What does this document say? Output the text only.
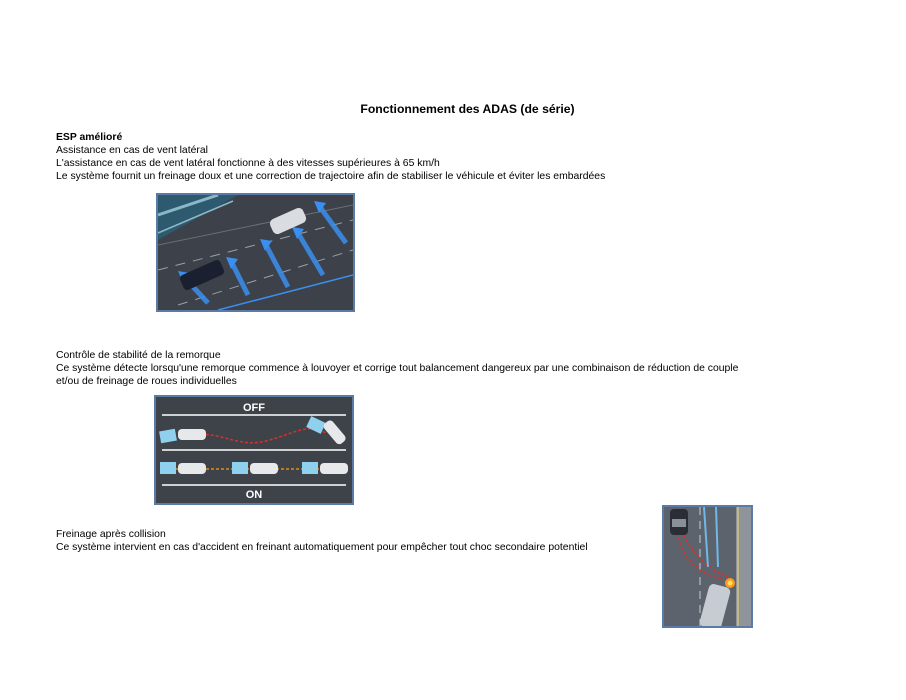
Fonctionnement des ADAS (de série)
ESP amélioré
Assistance en cas de vent latéral
L'assistance en cas de vent latéral fonctionne à des vitesses supérieures à 65 km/h
Le système fournit un freinage doux et une correction de trajectoire afin de stabiliser le véhicule et éviter les embardées
Contrôle de stabilité de la remorque
Ce système détecte lorsqu'une remorque commence à louvoyer et corrige tout balancement dangereux par une combinaison de réduction de couple
et/ou de freinage de roues individuelles
OFF
ON
Freinage après collision
Ce système intervient en cas d'accident en freinant automatiquement pour empêcher tout choc secondaire potentiel
